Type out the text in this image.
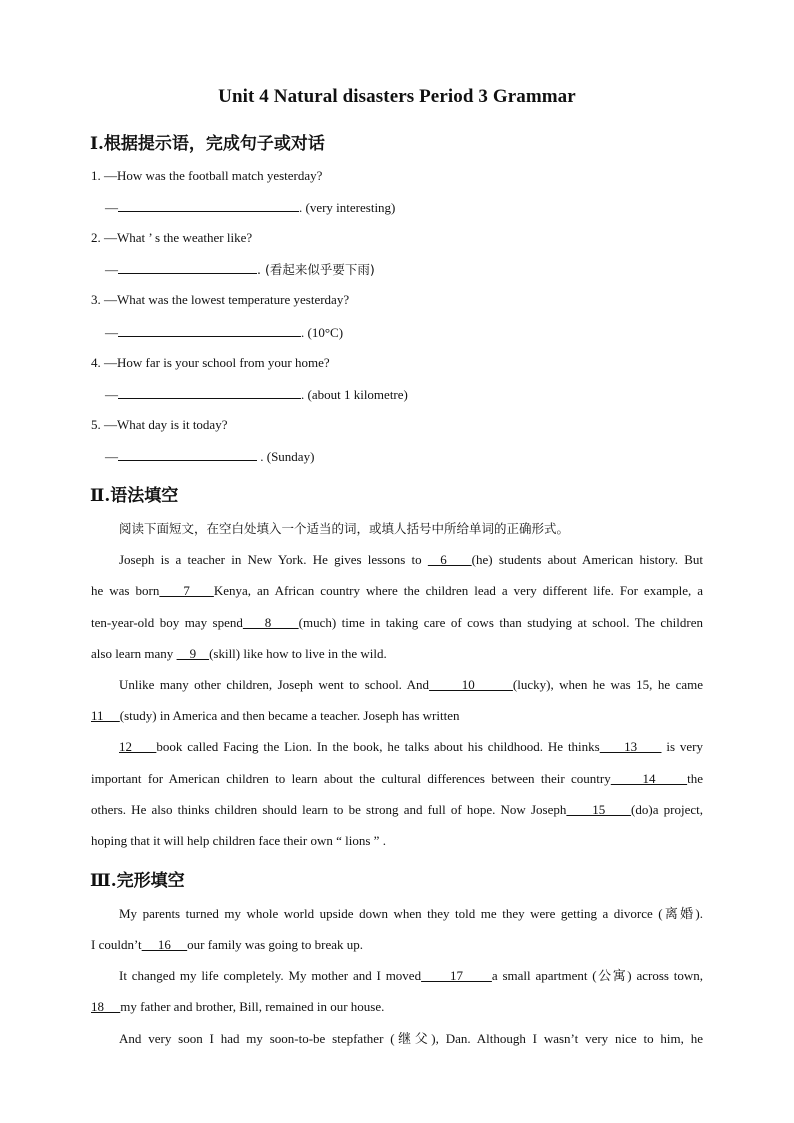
Unit 4 Natural disasters Period 3 Grammar
Ⅰ.根据提示语，完成句子或对话
1. —How was the football match yesterday?
—	. (very interesting)
2. —What ’ s the weather like?
—	. (看起来似乎要下雨)
3. —What was the lowest temperature yesterday?
—	. (10°C)
4. —How far is your school from your home?
—	. (about 1 kilometre)
5. —What day is it today?
—	. (Sunday)
Ⅱ.语法填空
阅读下面短文，在空白处填入一个适当的词，或填人括号中所给单词的正确形式。
Joseph is a teacher in New York. He gives lessons to   6    (he) students about American history. But
he was born    7    Kenya, an African country where the children lead a very different life. For example, a
ten-year-old boy may spend    8     (much) time in taking care of cows than studying at school. The children
also learn many     9    (skill) like how to live in the wild.
Unlike many other children, Joseph went to school. And      10       (lucky), when he was 15, he came
11     (study) in America and then became a teacher. Joseph has written
12     book called Facing the Lion. In the book, he talks about his childhood. He thinks     13      is very
important for American children to learn about the cultural differences between their country     14     the
others. He also thinks children should learn to be strong and full of hope. Now Joseph     15     (do)a project,
hoping that it will help children face their own “ lions ” .
Ⅲ.完形填空
My parents turned my whole world upside down when they told me they were getting a divorce (离婚).
I couldn’t     16     our family was going to break up.
It changed my life completely. My mother and I moved      17      a small apartment (公寓) across town,
18     my father and brother, Bill, remained in our house.
And very soon I had my soon-to-be stepfather (继父), Dan. Although I wasn’t very nice to him, he
